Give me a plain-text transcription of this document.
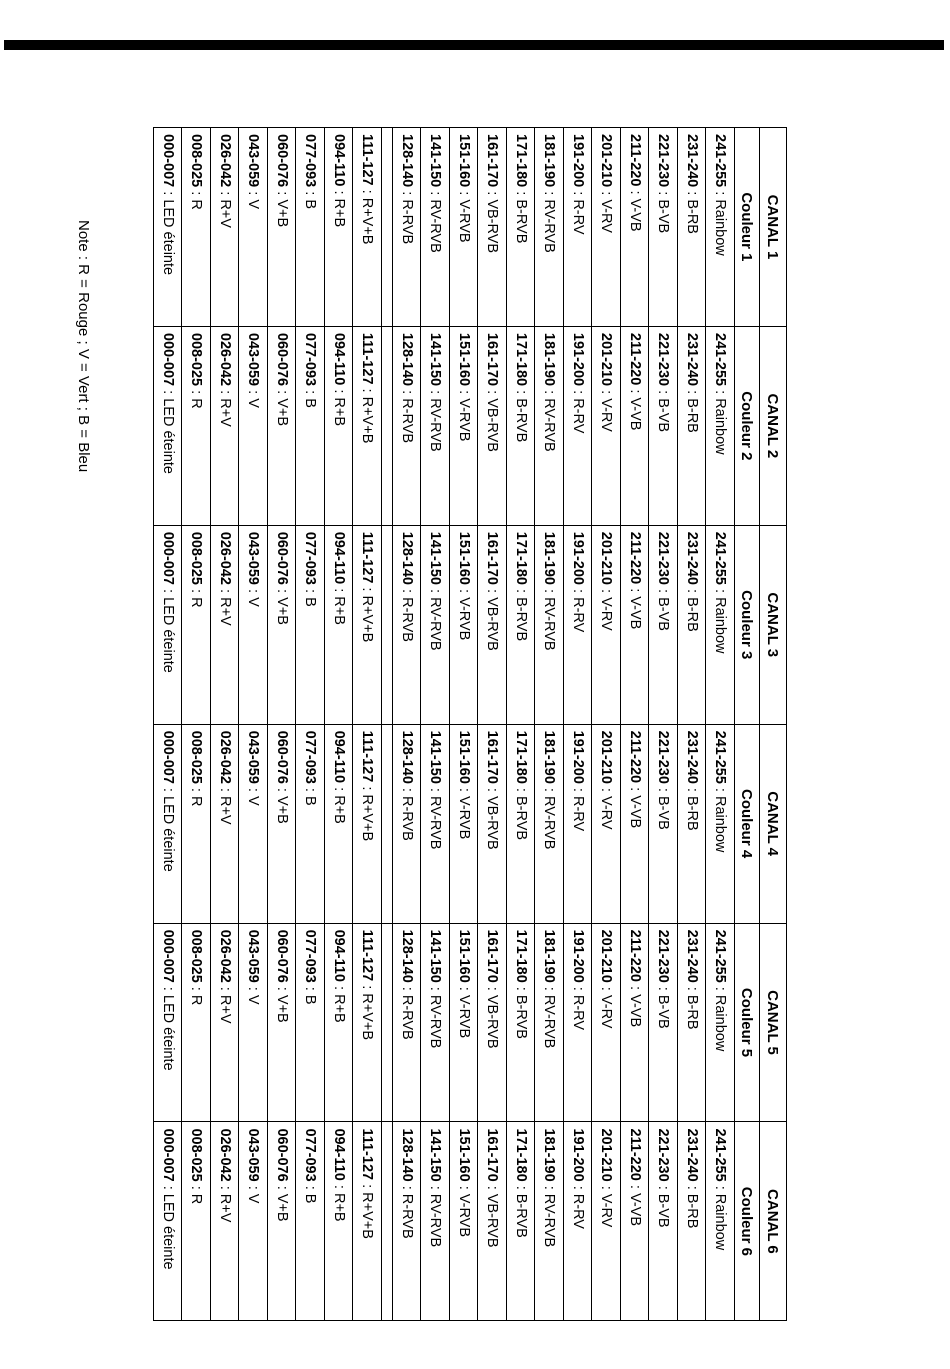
CANAL 1	CANAL 2	CANAL 3	CANAL 4	CANAL 5	CANAL 6
Couleur 1	Couleur 2	Couleur 3	Couleur 4	Couleur 5	Couleur 6
241-255 : Rainbow	241-255 : Rainbow	241-255 : Rainbow	241-255 : Rainbow	241-255 : Rainbow	241-255 : Rainbow
231-240 : B-RB	231-240 : B-RB	231-240 : B-RB	231-240 : B-RB	231-240 : B-RB	231-240 : B-RB
221-230 : B-VB	221-230 : B-VB	221-230 : B-VB	221-230 : B-VB	221-230 : B-VB	221-230 : B-VB
211-220 : V-VB	211-220 : V-VB	211-220 : V-VB	211-220 : V-VB	211-220 : V-VB	211-220 : V-VB
201-210 : V-RV	201-210 : V-RV	201-210 : V-RV	201-210 : V-RV	201-210 : V-RV	201-210 : V-RV
191-200 : R-RV	191-200 : R-RV	191-200 : R-RV	191-200 : R-RV	191-200 : R-RV	191-200 : R-RV
181-190 : RV-RVB	181-190 : RV-RVB	181-190 : RV-RVB	181-190 : RV-RVB	181-190 : RV-RVB	181-190 : RV-RVB
171-180 : B-RVB	171-180 : B-RVB	171-180 : B-RVB	171-180 : B-RVB	171-180 : B-RVB	171-180 : B-RVB
161-170 : VB-RVB	161-170 : VB-RVB	161-170 : VB-RVB	161-170 : VB-RVB	161-170 : VB-RVB	161-170 : VB-RVB
151-160 : V-RVB	151-160 : V-RVB	151-160 : V-RVB	151-160 : V-RVB	151-160 : V-RVB	151-160 : V-RVB
141-150 : RV-RVB	141-150 : RV-RVB	141-150 : RV-RVB	141-150 : RV-RVB	141-150 : RV-RVB	141-150 : RV-RVB
128-140 : R-RVB	128-140 : R-RVB	128-140 : R-RVB	128-140 : R-RVB	128-140 : R-RVB	128-140 : R-RVB

111-127 : R+V+B	111-127 : R+V+B	111-127 : R+V+B	111-127 : R+V+B	111-127 : R+V+B	111-127 : R+V+B
094-110 : R+B	094-110 : R+B	094-110 : R+B	094-110 : R+B	094-110 : R+B	094-110 : R+B
077-093 : B	077-093 : B	077-093 : B	077-093 : B	077-093 : B	077-093 : B
060-076 : V+B	060-076 : V+B	060-076 : V+B	060-076 : V+B	060-076 : V+B	060-076 : V+B
043-059 : V	043-059 : V	043-059 : V	043-059 : V	043-059 : V	043-059 : V
026-042 : R+V	026-042 : R+V	026-042 : R+V	026-042 : R+V	026-042 : R+V	026-042 : R+V
008-025 : R	008-025 : R	008-025 : R	008-025 : R	008-025 : R	008-025 : R
000-007 : LED éteinte	000-007 : LED éteinte	000-007 : LED éteinte	000-007 : LED éteinte	000-007 : LED éteinte	000-007 : LED éteinte
Note : R = Rouge ; V = Vert ; B = Bleu
